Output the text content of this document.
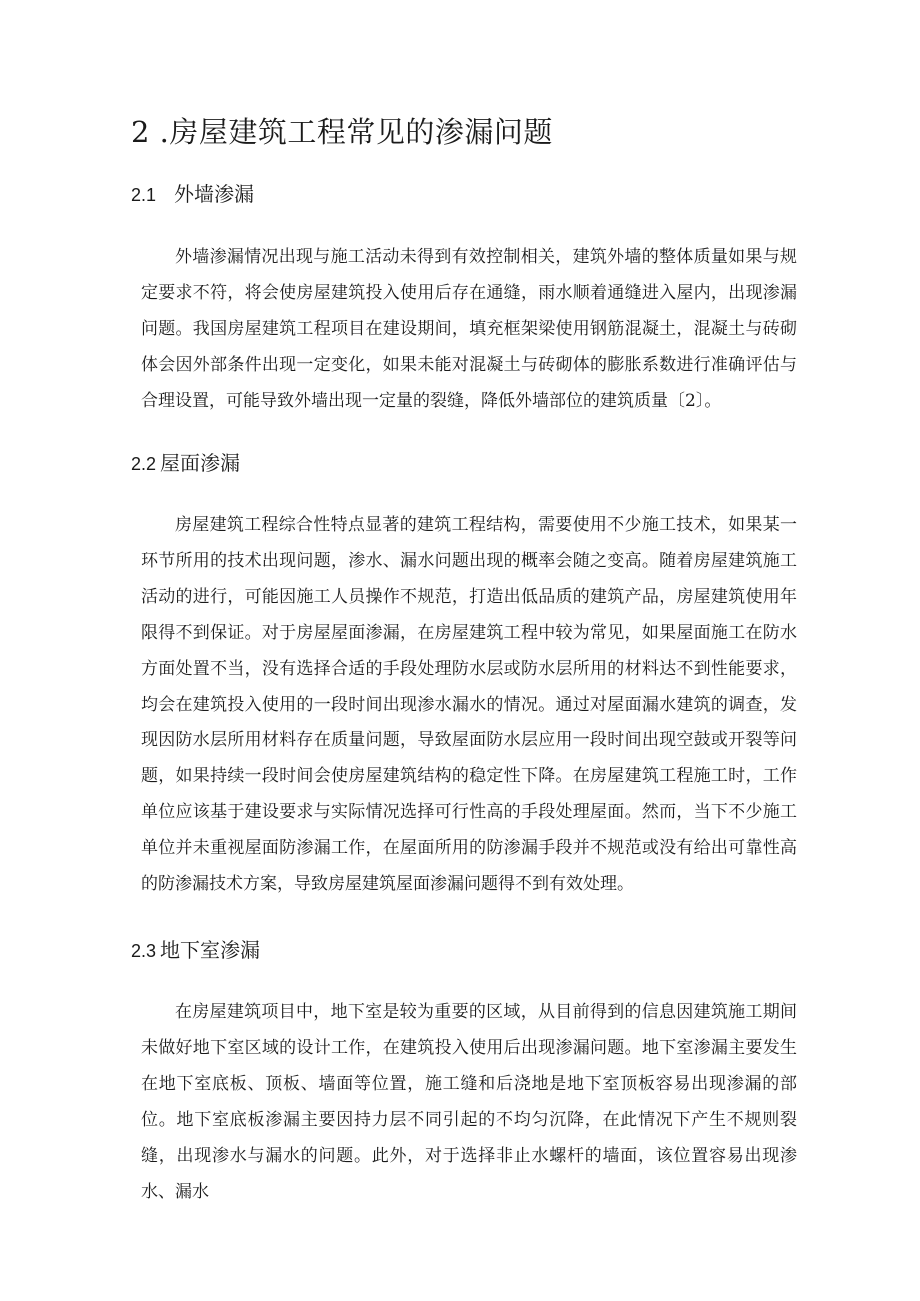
2 .房屋建筑工程常见的渗漏问题
2.1 外墙渗漏

外墙渗漏情况出现与施工活动未得到有效控制相关，建筑外墙的整体质量如果与规定要求不符，将会使房屋建筑投入使用后存在通缝，雨水顺着通缝进入屋内，出现渗漏问题。我国房屋建筑工程项目在建设期间，填充框架梁使用钢筋混凝土，混凝土与砖砌体会因外部条件出现一定变化，如果未能对混凝土与砖砌体的膨胀系数进行准确评估与合理设置，可能导致外墙出现一定量的裂缝，降低外墙部位的建筑质量〔2〕。

2.2 屋面渗漏

房屋建筑工程综合性特点显著的建筑工程结构，需要使用不少施工技术，如果某一环节所用的技术出现问题，渗水、漏水问题出现的概率会随之变高。随着房屋建筑施工活动的进行，可能因施工人员操作不规范，打造出低品质的建筑产品，房屋建筑使用年限得不到保证。对于房屋屋面渗漏，在房屋建筑工程中较为常见，如果屋面施工在防水方面处置不当，没有选择合适的手段处理防水层或防水层所用的材料达不到性能要求，均会在建筑投入使用的一段时间出现渗水漏水的情况。通过对屋面漏水建筑的调查，发现因防水层所用材料存在质量问题，导致屋面防水层应用一段时间出现空鼓或开裂等问题，如果持续一段时间会使房屋建筑结构的稳定性下降。在房屋建筑工程施工时，工作单位应该基于建设要求与实际情况选择可行性高的手段处理屋面。然而，当下不少施工单位并未重视屋面防渗漏工作，在屋面所用的防渗漏手段并不规范或没有给出可靠性高的防渗漏技术方案，导致房屋建筑屋面渗漏问题得不到有效处理。

2.3 地下室渗漏

在房屋建筑项目中，地下室是较为重要的区域，从目前得到的信息因建筑施工期间未做好地下室区域的设计工作，在建筑投入使用后出现渗漏问题。地下室渗漏主要发生在地下室底板、顶板、墙面等位置，施工缝和后浇地是地下室顶板容易出现渗漏的部位。地下室底板渗漏主要因持力层不同引起的不均匀沉降，在此情况下产生不规则裂缝，出现渗水与漏水的问题。此外，对于选择非止水螺杆的墙面，该位置容易出现渗水、漏水
